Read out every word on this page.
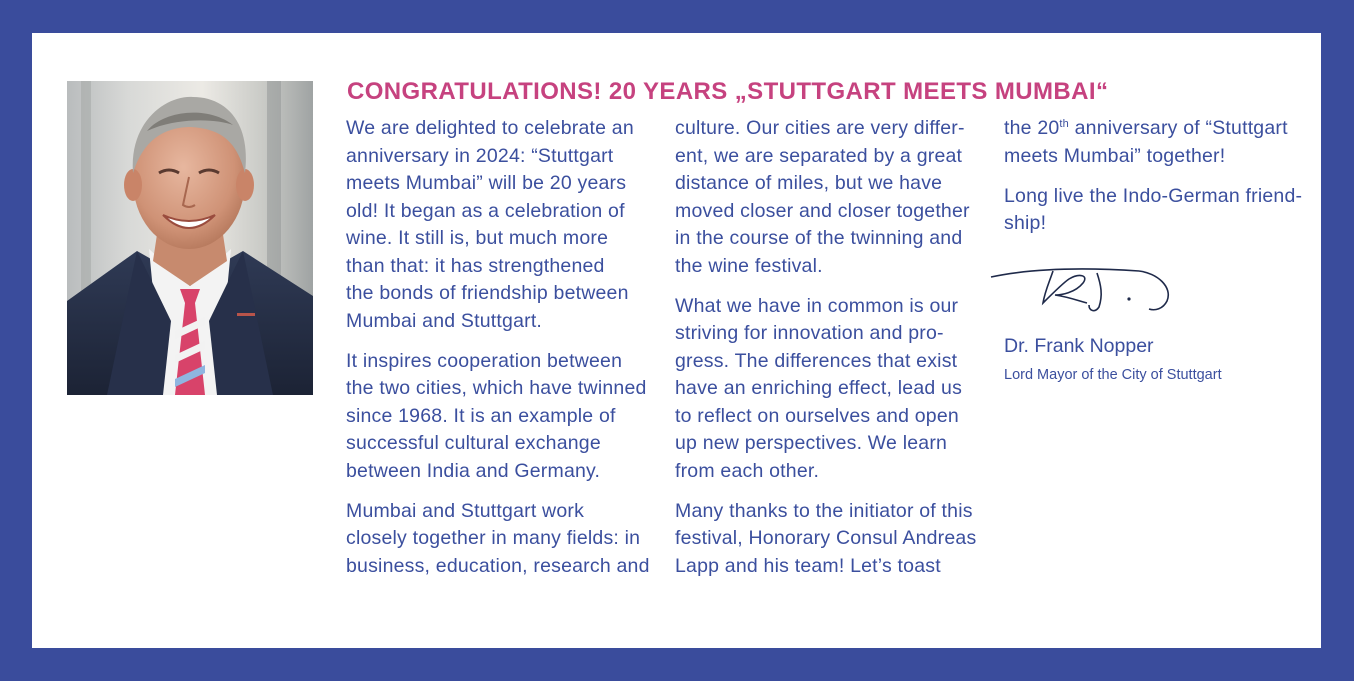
CONGRATULATIONS! 20 YEARS „STUTTGART MEETS MUMBAI“

We are delighted to celebrate an
anniversary in 2024: “Stuttgart
meets Mumbai” will be 20 years
old! It began as a celebration of
wine. It still is, but much more
than that: it has strengthened
the bonds of friendship between
Mumbai and Stuttgart.

It inspires cooperation between
the two cities, which have twinned
since 1968. It is an example of
successful cultural exchange
between India and Germany.

Mumbai and Stuttgart work
closely together in many fields: in
business, education, research and

culture. Our cities are very differ-
ent, we are separated by a great
distance of miles, but we have
moved closer and closer together
in the course of the twinning and
the wine festival.

What we have in common is our
striving for innovation and pro-
gress. The differences that exist
have an enriching effect, lead us
to reflect on ourselves and open
up new perspectives. We learn
from each other.

Many thanks to the initiator of this
festival, Honorary Consul Andreas
Lapp and his team! Let’s toast

the 20th anniversary of “Stuttgart
meets Mumbai” together!

Long live the Indo-German friend-
ship!

Dr. Frank Nopper
Lord Mayor of the City of Stuttgart
